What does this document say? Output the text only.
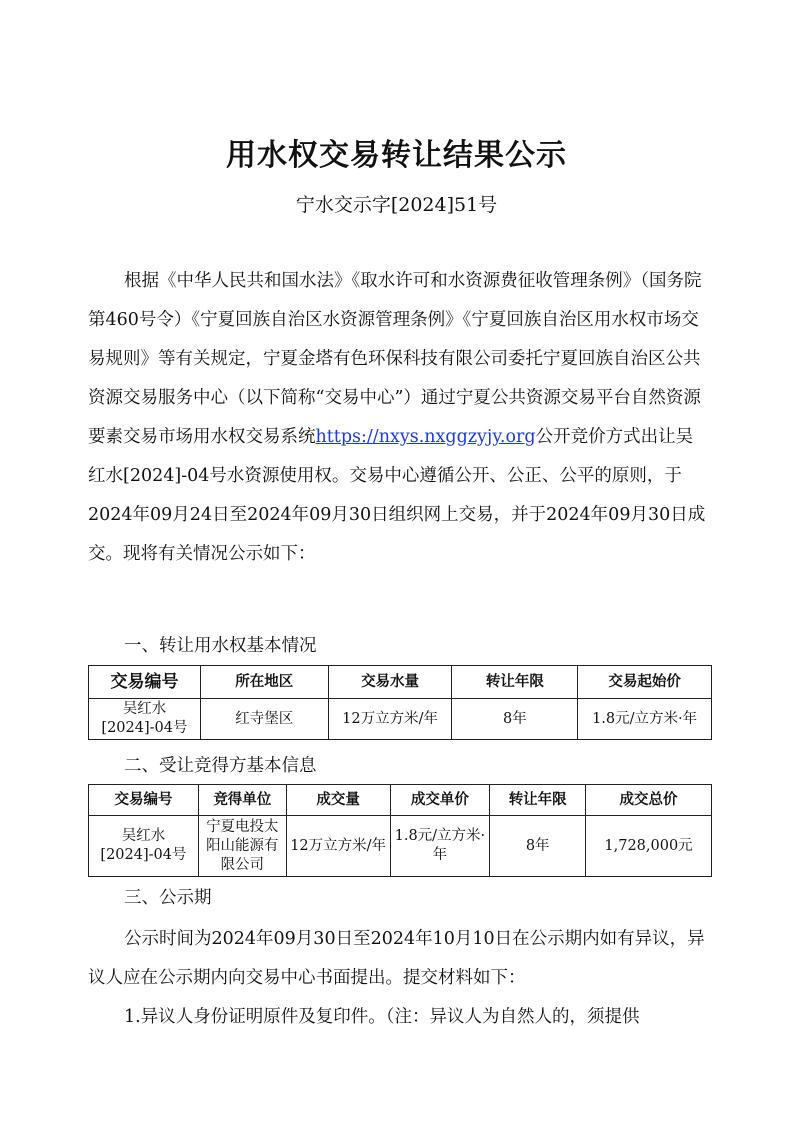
用水权交易转让结果公示
宁水交示字[2024]51号

根据《中华人民共和国水法》《取水许可和水资源费征收管理条例》（国务院第460号令）《宁夏回族自治区水资源管理条例》《宁夏回族自治区用水权市场交易规则》等有关规定，宁夏金塔有色环保科技有限公司委托宁夏回族自治区公共资源交易服务中心（以下简称“交易中心”）通过宁夏公共资源交易平台自然资源要素交易市场用水权交易系统https://nxys.nxggzyjy.org公开竞价方式出让吴红水[2024]-04号水资源使用权。交易中心遵循公开、公正、公平的原则，于2024年09月24日至2024年09月30日组织网上交易，并于2024年09月30日成交。现将有关情况公示如下：

一、转让用水权基本情况
交易编号	所在地区	交易水量	转让年限	交易起始价
吴红水[2024]-04号	红寺堡区	12万立方米/年	8年	1.8元/立方米·年
二、受让竞得方基本信息
交易编号	竞得单位	成交量	成交单价	转让年限	成交总价
吴红水[2024]-04号	宁夏电投太阳山能源有限公司	12万立方米/年	1.8元/立方米·年	8年	1,728,000元
三、公示期

公示时间为2024年09月30日至2024年10月10日在公示期内如有异议，异议人应在公示期内向交易中心书面提出。提交材料如下：

1.异议人身份证明原件及复印件。（注：异议人为自然人的，须提供
